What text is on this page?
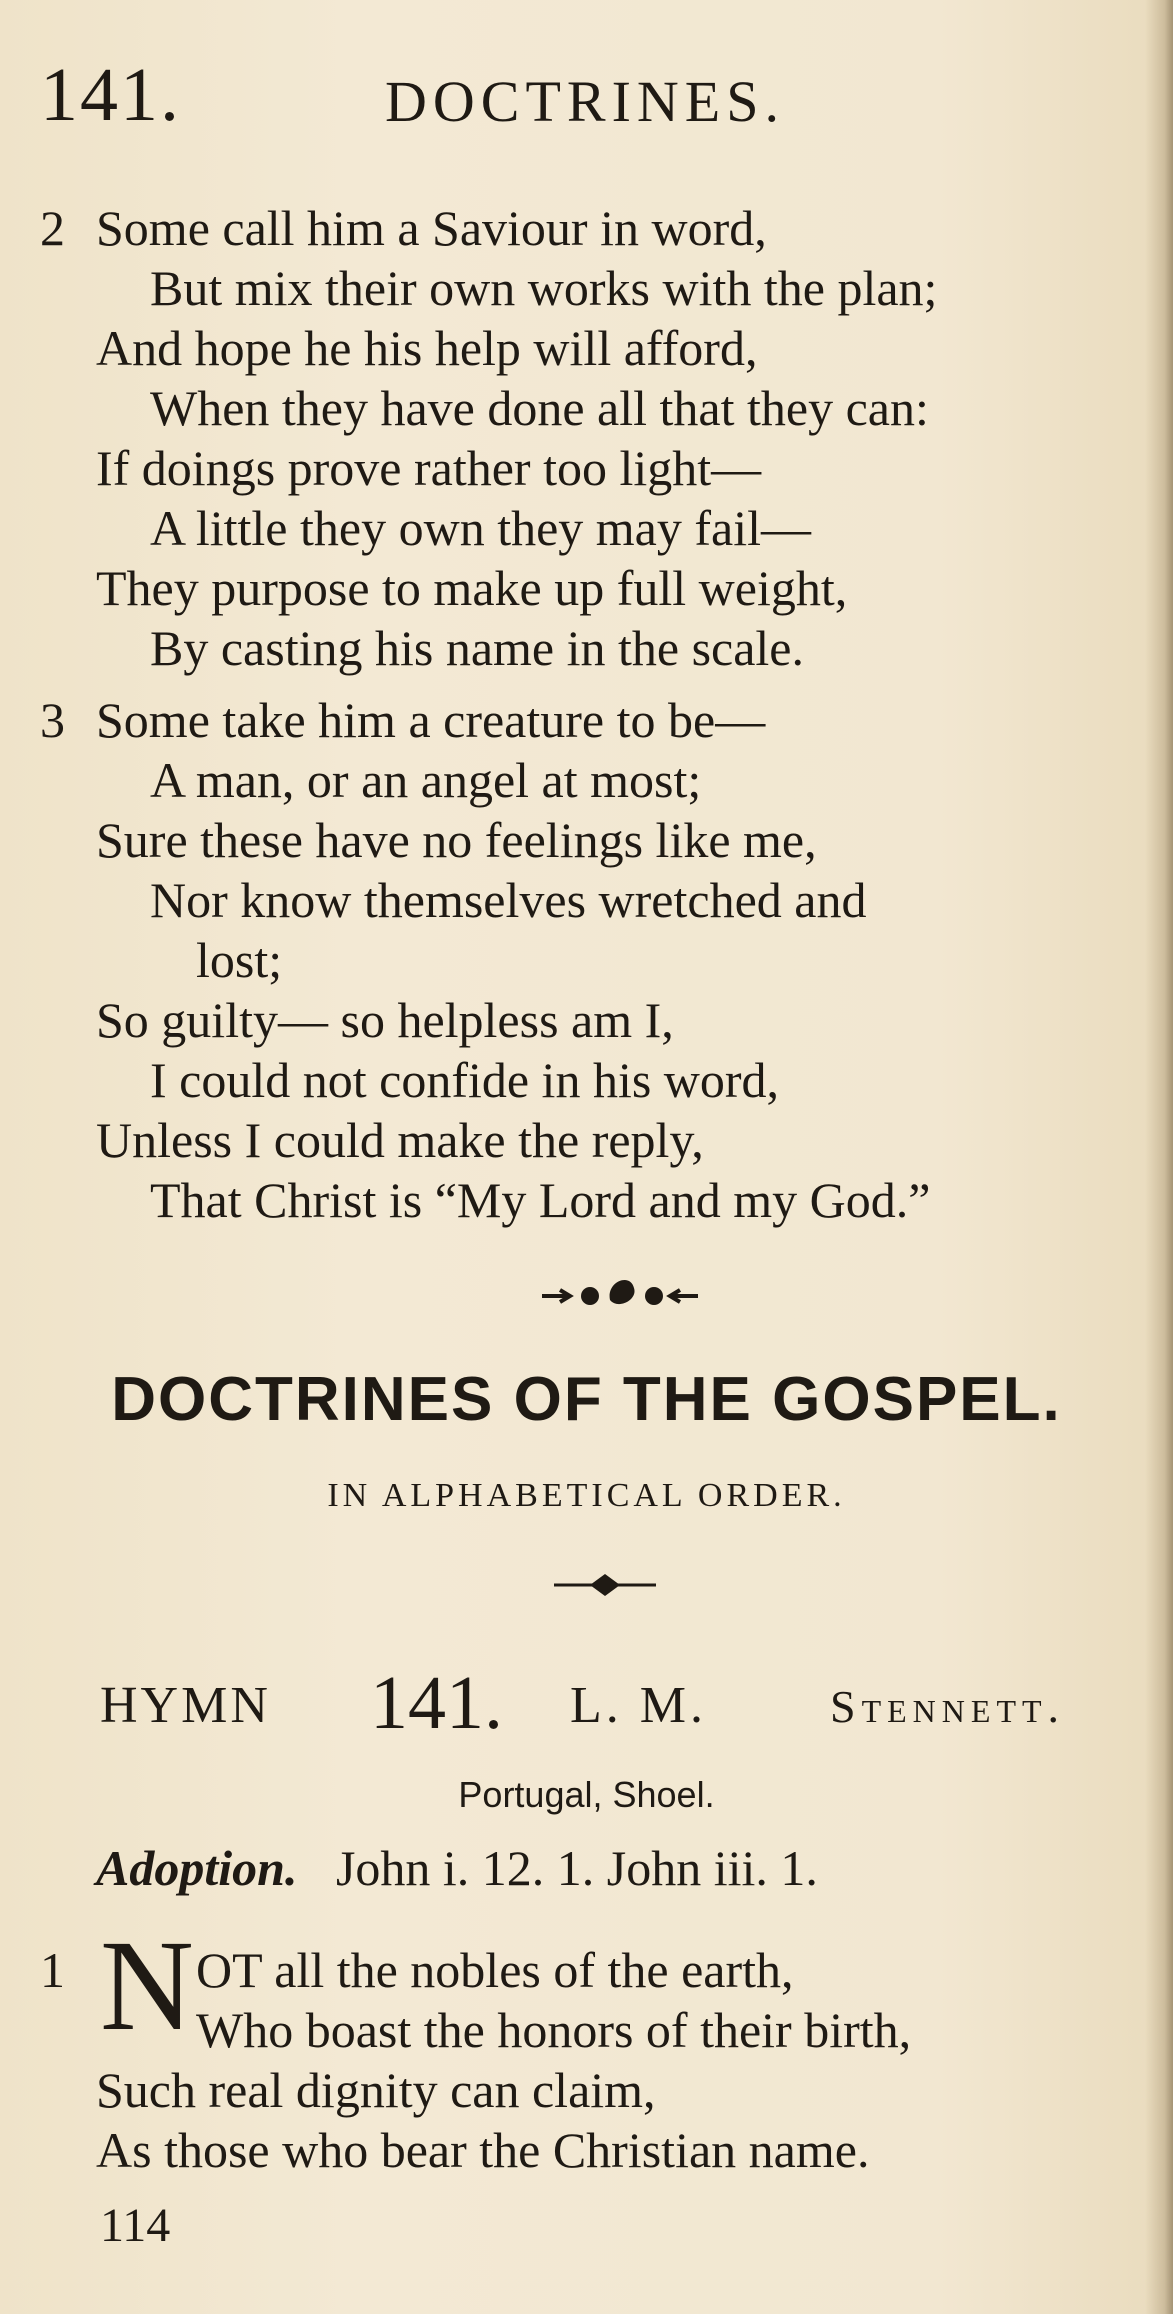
141.	DOCTRINES.
2 Some call him a Saviour in word,
But mix their own works with the plan;
And hope he his help will afford,
When they have done all that they can:
If doings prove rather too light—
A little they own they may fail—
They purpose to make up full weight,
By casting his name in the scale.
3 Some take him a creature to be—
A man, or an angel at most;
Sure these have no feelings like me,
Nor know themselves wretched and
lost;
So guilty— so helpless am I,
I could not confide in his word,
Unless I could make the reply,
That Christ is “My Lord and my God.”
DOCTRINES OF THE GOSPEL.
IN ALPHABETICAL ORDER.
HYMN 141. L. M.	Stennett.
Portugal, Shoel.
Adoption. John i. 12. 1. John iii. 1.
1 N OT all the nobles of the earth,
Who boast the honors of their birth,
Such real dignity can claim,
As those who bear the Christian name.
114
